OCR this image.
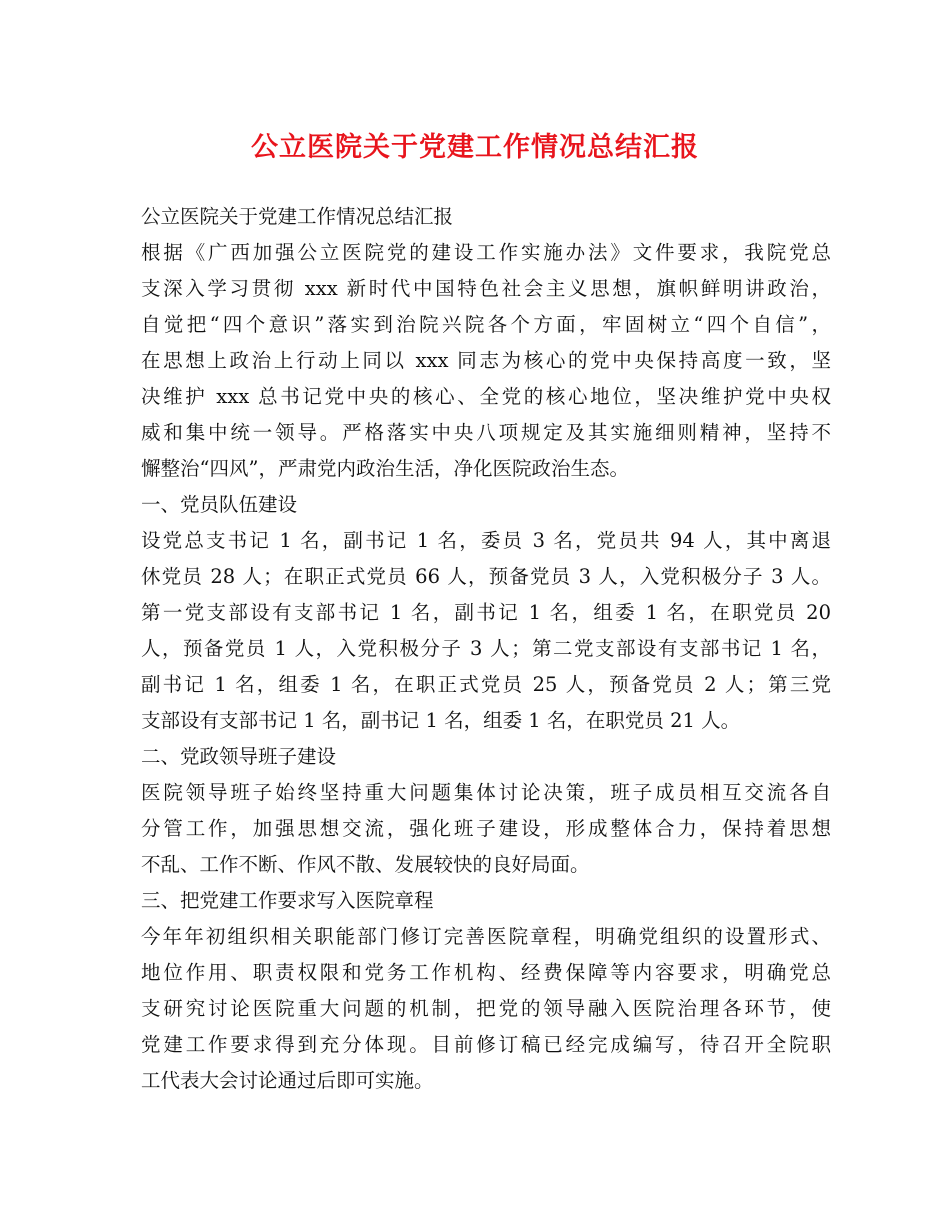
公立医院关于党建工作情况总结汇报

公立医院关于党建工作情况总结汇报

根据《广西加强公立医院党的建设工作实施办法》文件要求，我院党总

支深入学习贯彻 xxx 新时代中国特色社会主义思想，旗帜鲜明讲政治，

自觉把“四个意识”落实到治院兴院各个方面，牢固树立“四个自信”，

在思想上政治上行动上同以 xxx 同志为核心的党中央保持高度一致，坚

决维护 xxx 总书记党中央的核心、全党的核心地位，坚决维护党中央权

威和集中统一领导。严格落实中央八项规定及其实施细则精神，坚持不

懈整治“四风”，严肃党内政治生活，净化医院政治生态。

一、党员队伍建设

设党总支书记 1 名，副书记 1 名，委员 3 名，党员共 94 人，其中离退

休党员 28 人；在职正式党员 66 人，预备党员 3 人，入党积极分子 3 人。

第一党支部设有支部书记 1 名，副书记 1 名，组委 1 名，在职党员 20

人，预备党员 1 人，入党积极分子 3 人；第二党支部设有支部书记 1 名，

副书记 1 名，组委 1 名，在职正式党员 25 人，预备党员 2 人；第三党

支部设有支部书记 1 名，副书记 1 名，组委 1 名，在职党员 21 人。

二、党政领导班子建设

医院领导班子始终坚持重大问题集体讨论决策，班子成员相互交流各自

分管工作，加强思想交流，强化班子建设，形成整体合力，保持着思想

不乱、工作不断、作风不散、发展较快的良好局面。

三、把党建工作要求写入医院章程

今年年初组织相关职能部门修订完善医院章程，明确党组织的设置形式、

地位作用、职责权限和党务工作机构、经费保障等内容要求，明确党总

支研究讨论医院重大问题的机制，把党的领导融入医院治理各环节，使

党建工作要求得到充分体现。目前修订稿已经完成编写，待召开全院职

工代表大会讨论通过后即可实施。
